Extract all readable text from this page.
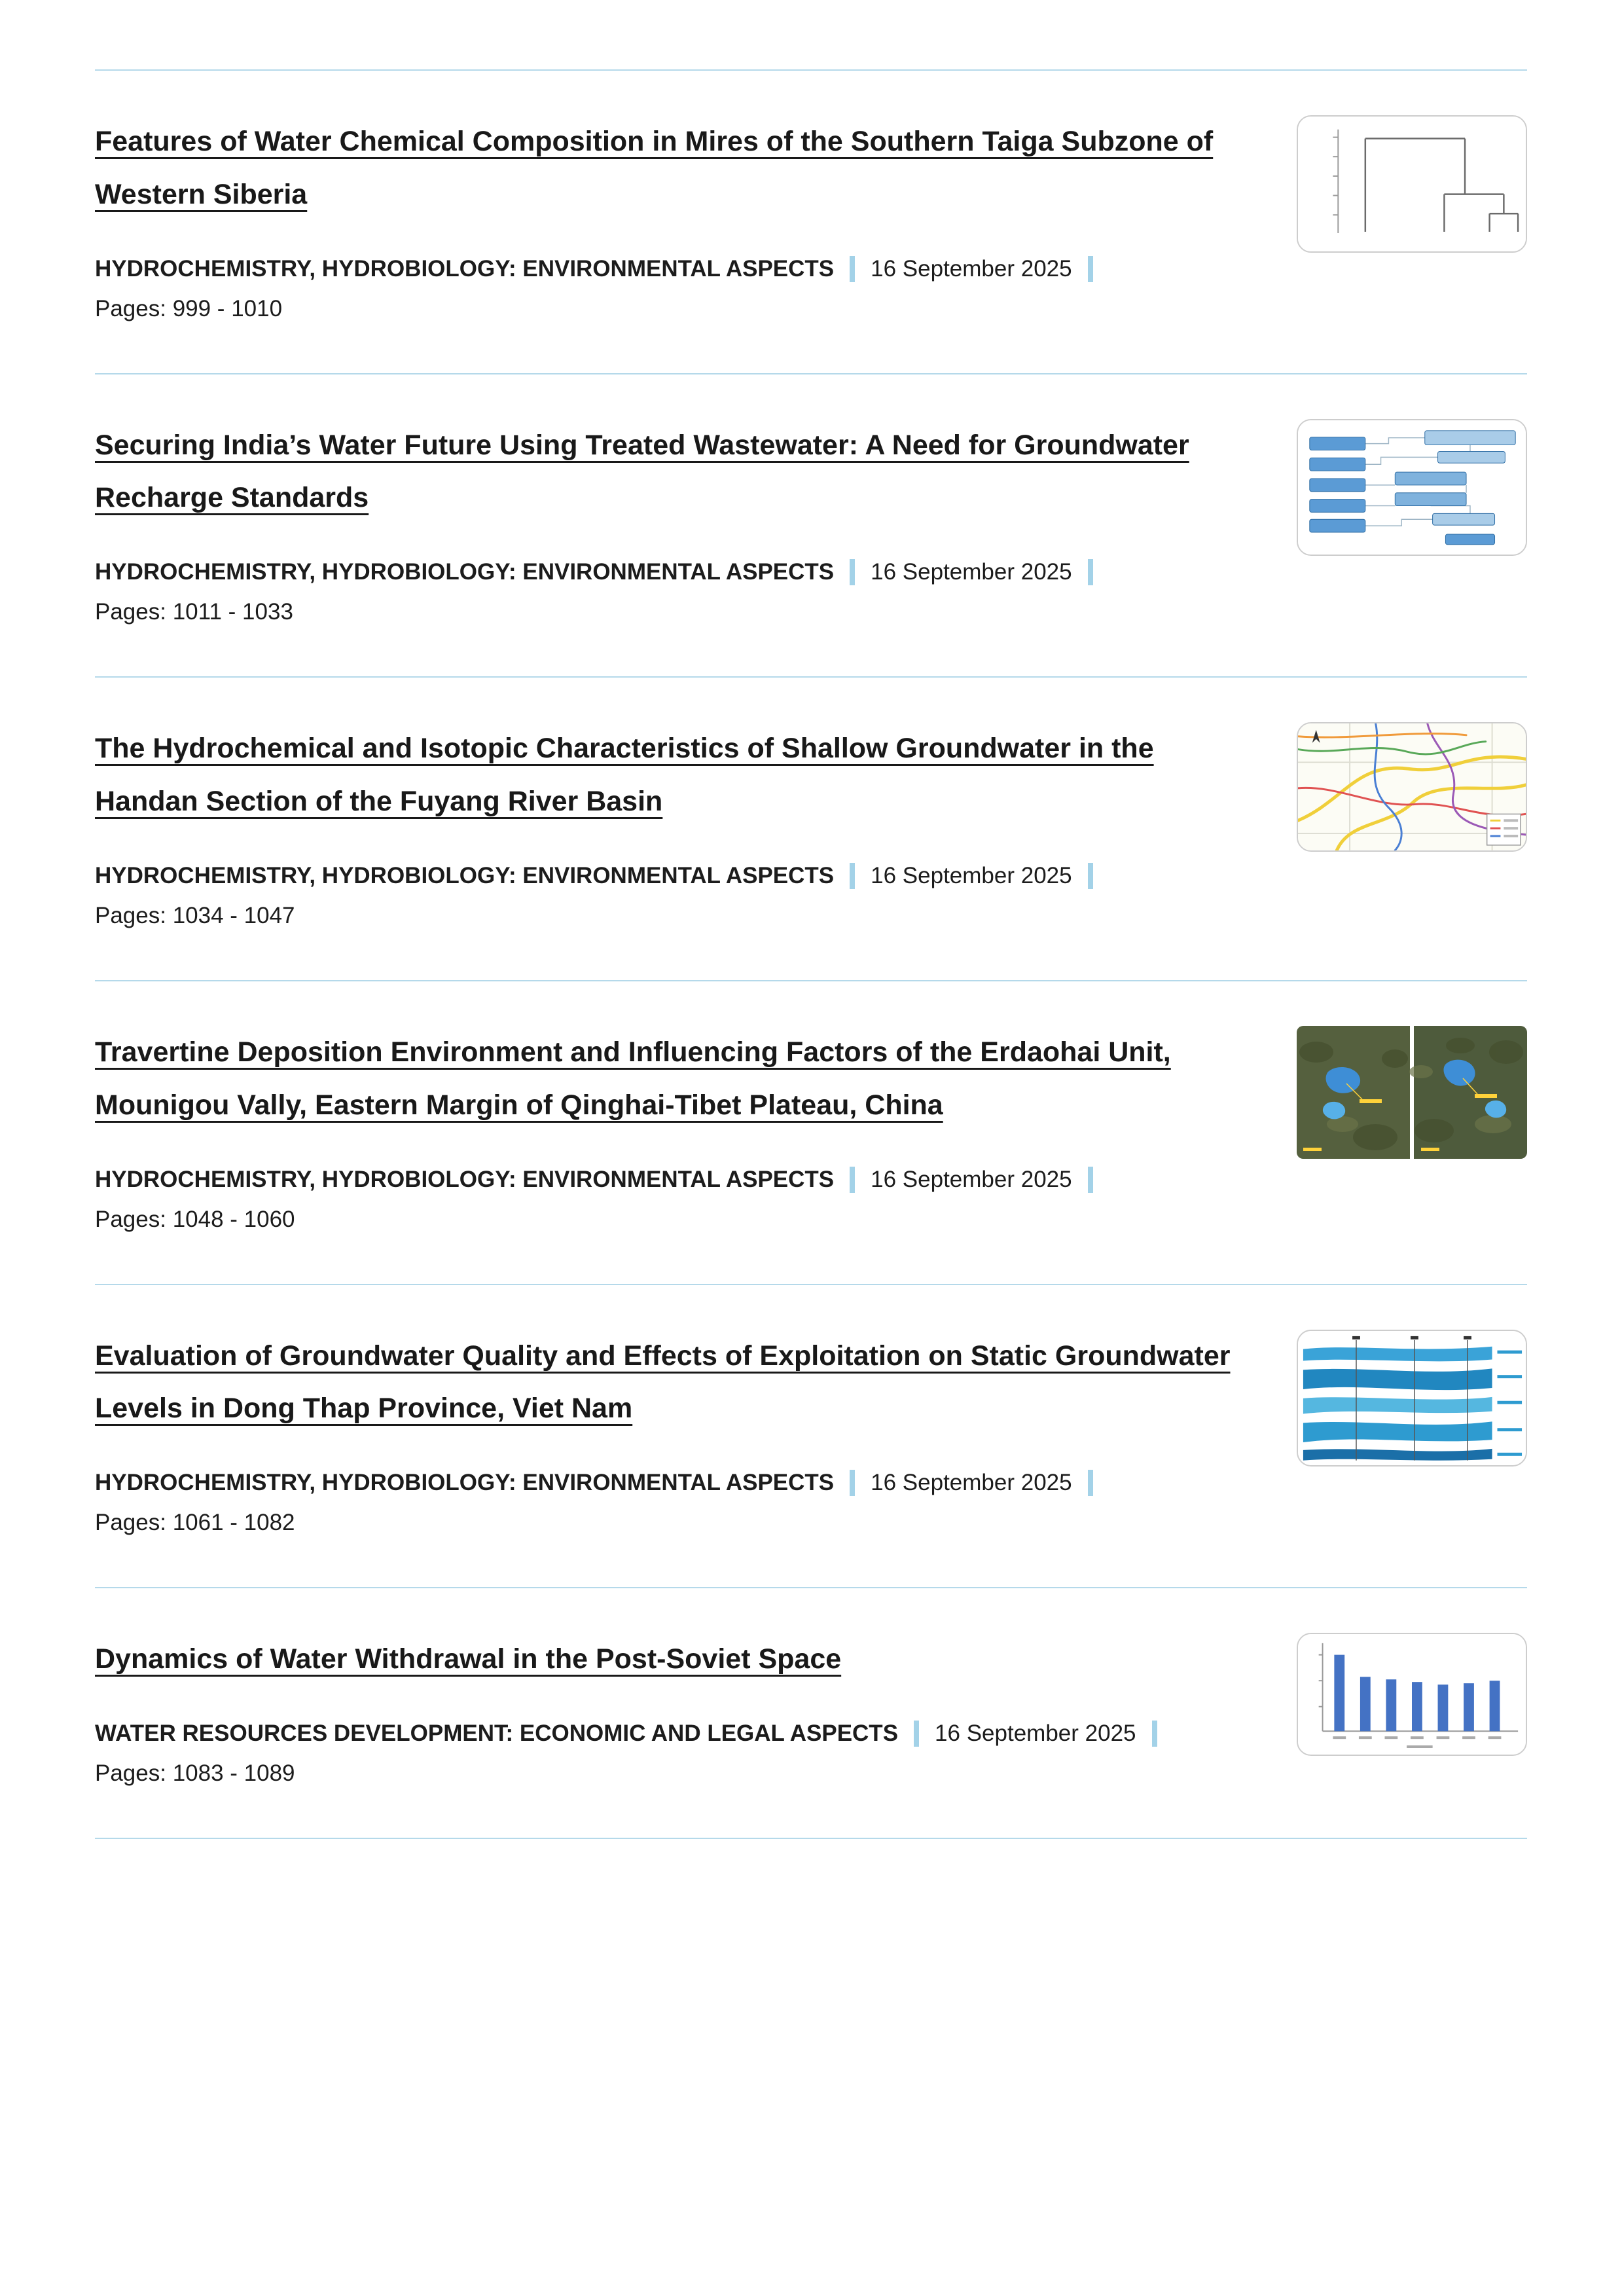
Features of Water Chemical Composition in Mires of the Southern Taiga Subzone of Western Siberia
HYDROCHEMISTRY, HYDROBIOLOGY: ENVIRONMENTAL ASPECTS 16 September 2025
Pages: 999 - 1010
Securing India’s Water Future Using Treated Wastewater: A Need for Groundwater Recharge Standards
HYDROCHEMISTRY, HYDROBIOLOGY: ENVIRONMENTAL ASPECTS 16 September 2025
Pages: 1011 - 1033
The Hydrochemical and Isotopic Characteristics of Shallow Groundwater in the Handan Section of the Fuyang River Basin
HYDROCHEMISTRY, HYDROBIOLOGY: ENVIRONMENTAL ASPECTS 16 September 2025
Pages: 1034 - 1047
Travertine Deposition Environment and Influencing Factors of the Erdaohai Unit, Mounigou Vally, Eastern Margin of Qinghai-Tibet Plateau, China
HYDROCHEMISTRY, HYDROBIOLOGY: ENVIRONMENTAL ASPECTS 16 September 2025
Pages: 1048 - 1060
Evaluation of Groundwater Quality and Effects of Exploitation on Static Groundwater Levels in Dong Thap Province, Viet Nam
HYDROCHEMISTRY, HYDROBIOLOGY: ENVIRONMENTAL ASPECTS 16 September 2025
Pages: 1061 - 1082
Dynamics of Water Withdrawal in the Post-Soviet Space
WATER RESOURCES DEVELOPMENT: ECONOMIC AND LEGAL ASPECTS 16 September 2025
Pages: 1083 - 1089
